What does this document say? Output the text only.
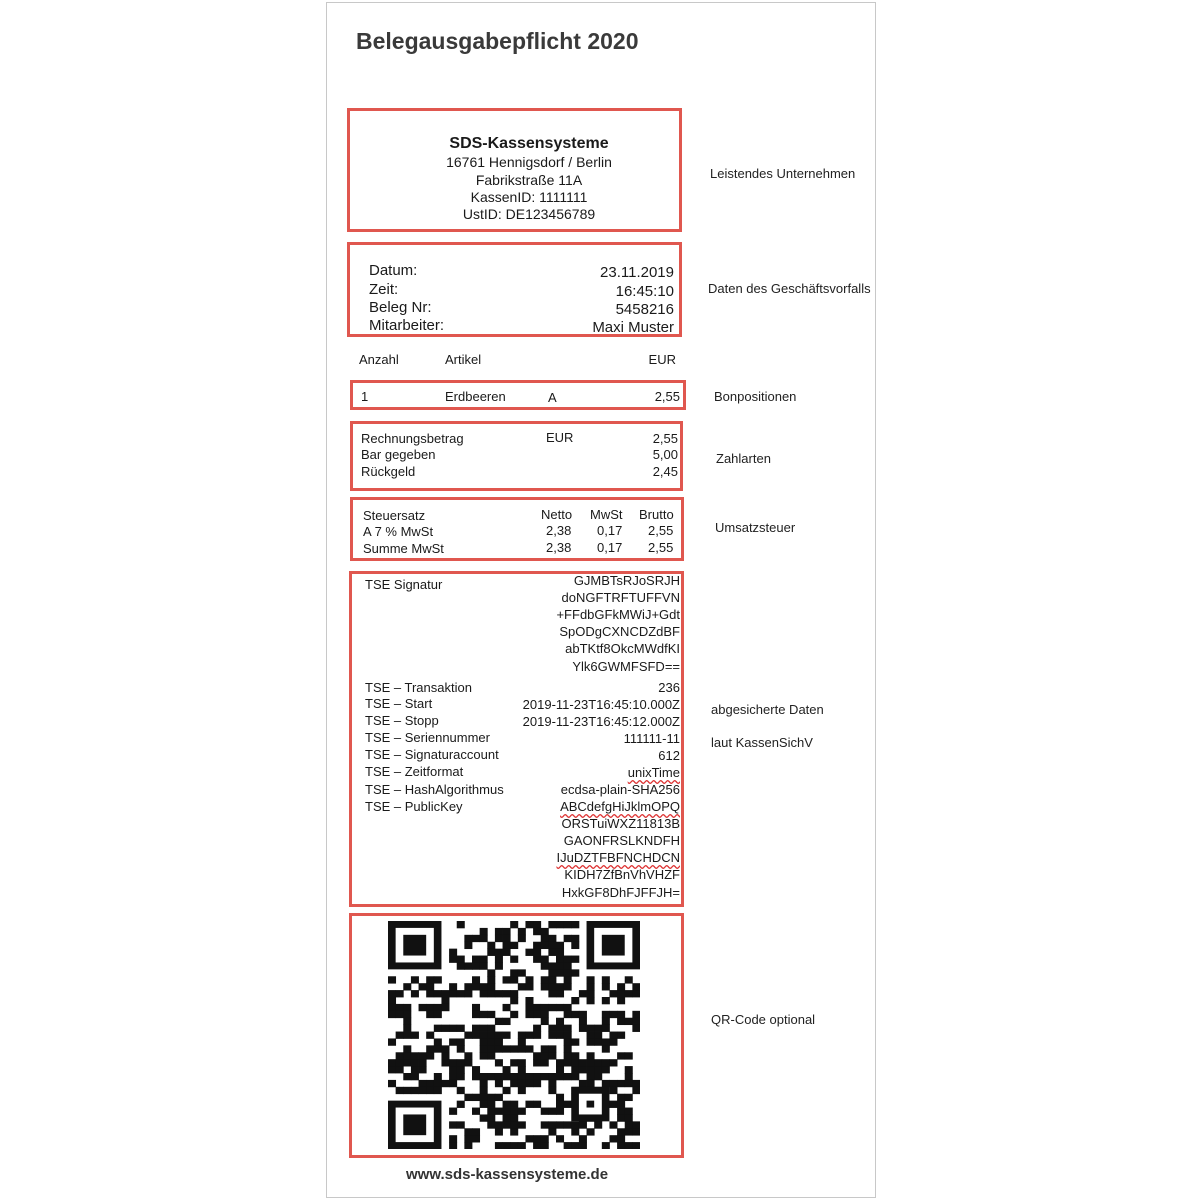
Belegausgabepflicht 2020
SDS-Kassensysteme
16761 Hennigsdorf / Berlin
Fabrikstraße 11A
KassenID: 1111111
UstID: DE123456789
Leistendes Unternehmen
Datum:	23.11.2019
Zeit:	16:45:10
Beleg Nr:	5458216
Mitarbeiter:	Maxi Muster
Daten des Geschäftsvorfalls
Anzahl	Artikel	EUR
1	Erdbeeren	A	2,55	Bonpositionen
Rechnungsbetrag	EUR	2,55
Bar gegeben	5,00
Rückgeld	2,45
Zahlarten
Steuersatz	Netto MwSt Brutto
A 7 % MwSt	2,38 0,17 2,55
Summe MwSt	2,38 0,17 2,55
Umsatzsteuer
TSE Signatur	GJMBTsRJoSRJH
doNGFTRFTUFFVN
+FFdbGFkMWiJ+Gdt
SpODgCXNCDZdBF
abTKtf8OkcMWdfKI
Ylk6GWMFSFD==
TSE – Transaktion	236
TSE – Start	2019-11-23T16:45:10.000Z
TSE – Stopp	2019-11-23T16:45:12.000Z
TSE – Seriennummer	111111-11
TSE – Signaturaccount	612
TSE – Zeitformat	unixTime
TSE – HashAlgorithmus	ecdsa-plain-SHA256
TSE – PublicKey	ABCdefgHiJklmOPQ
ORSTuiWXZ11813B
GAONFRSLKNDFH
IJuDZTFBFNCHDCN
KIDH7ZfBnVhVHZF
HxkGF8DhFJFFJH=
abgesicherte Daten
laut KassenSichV
QR-Code optional
www.sds-kassensysteme.de
